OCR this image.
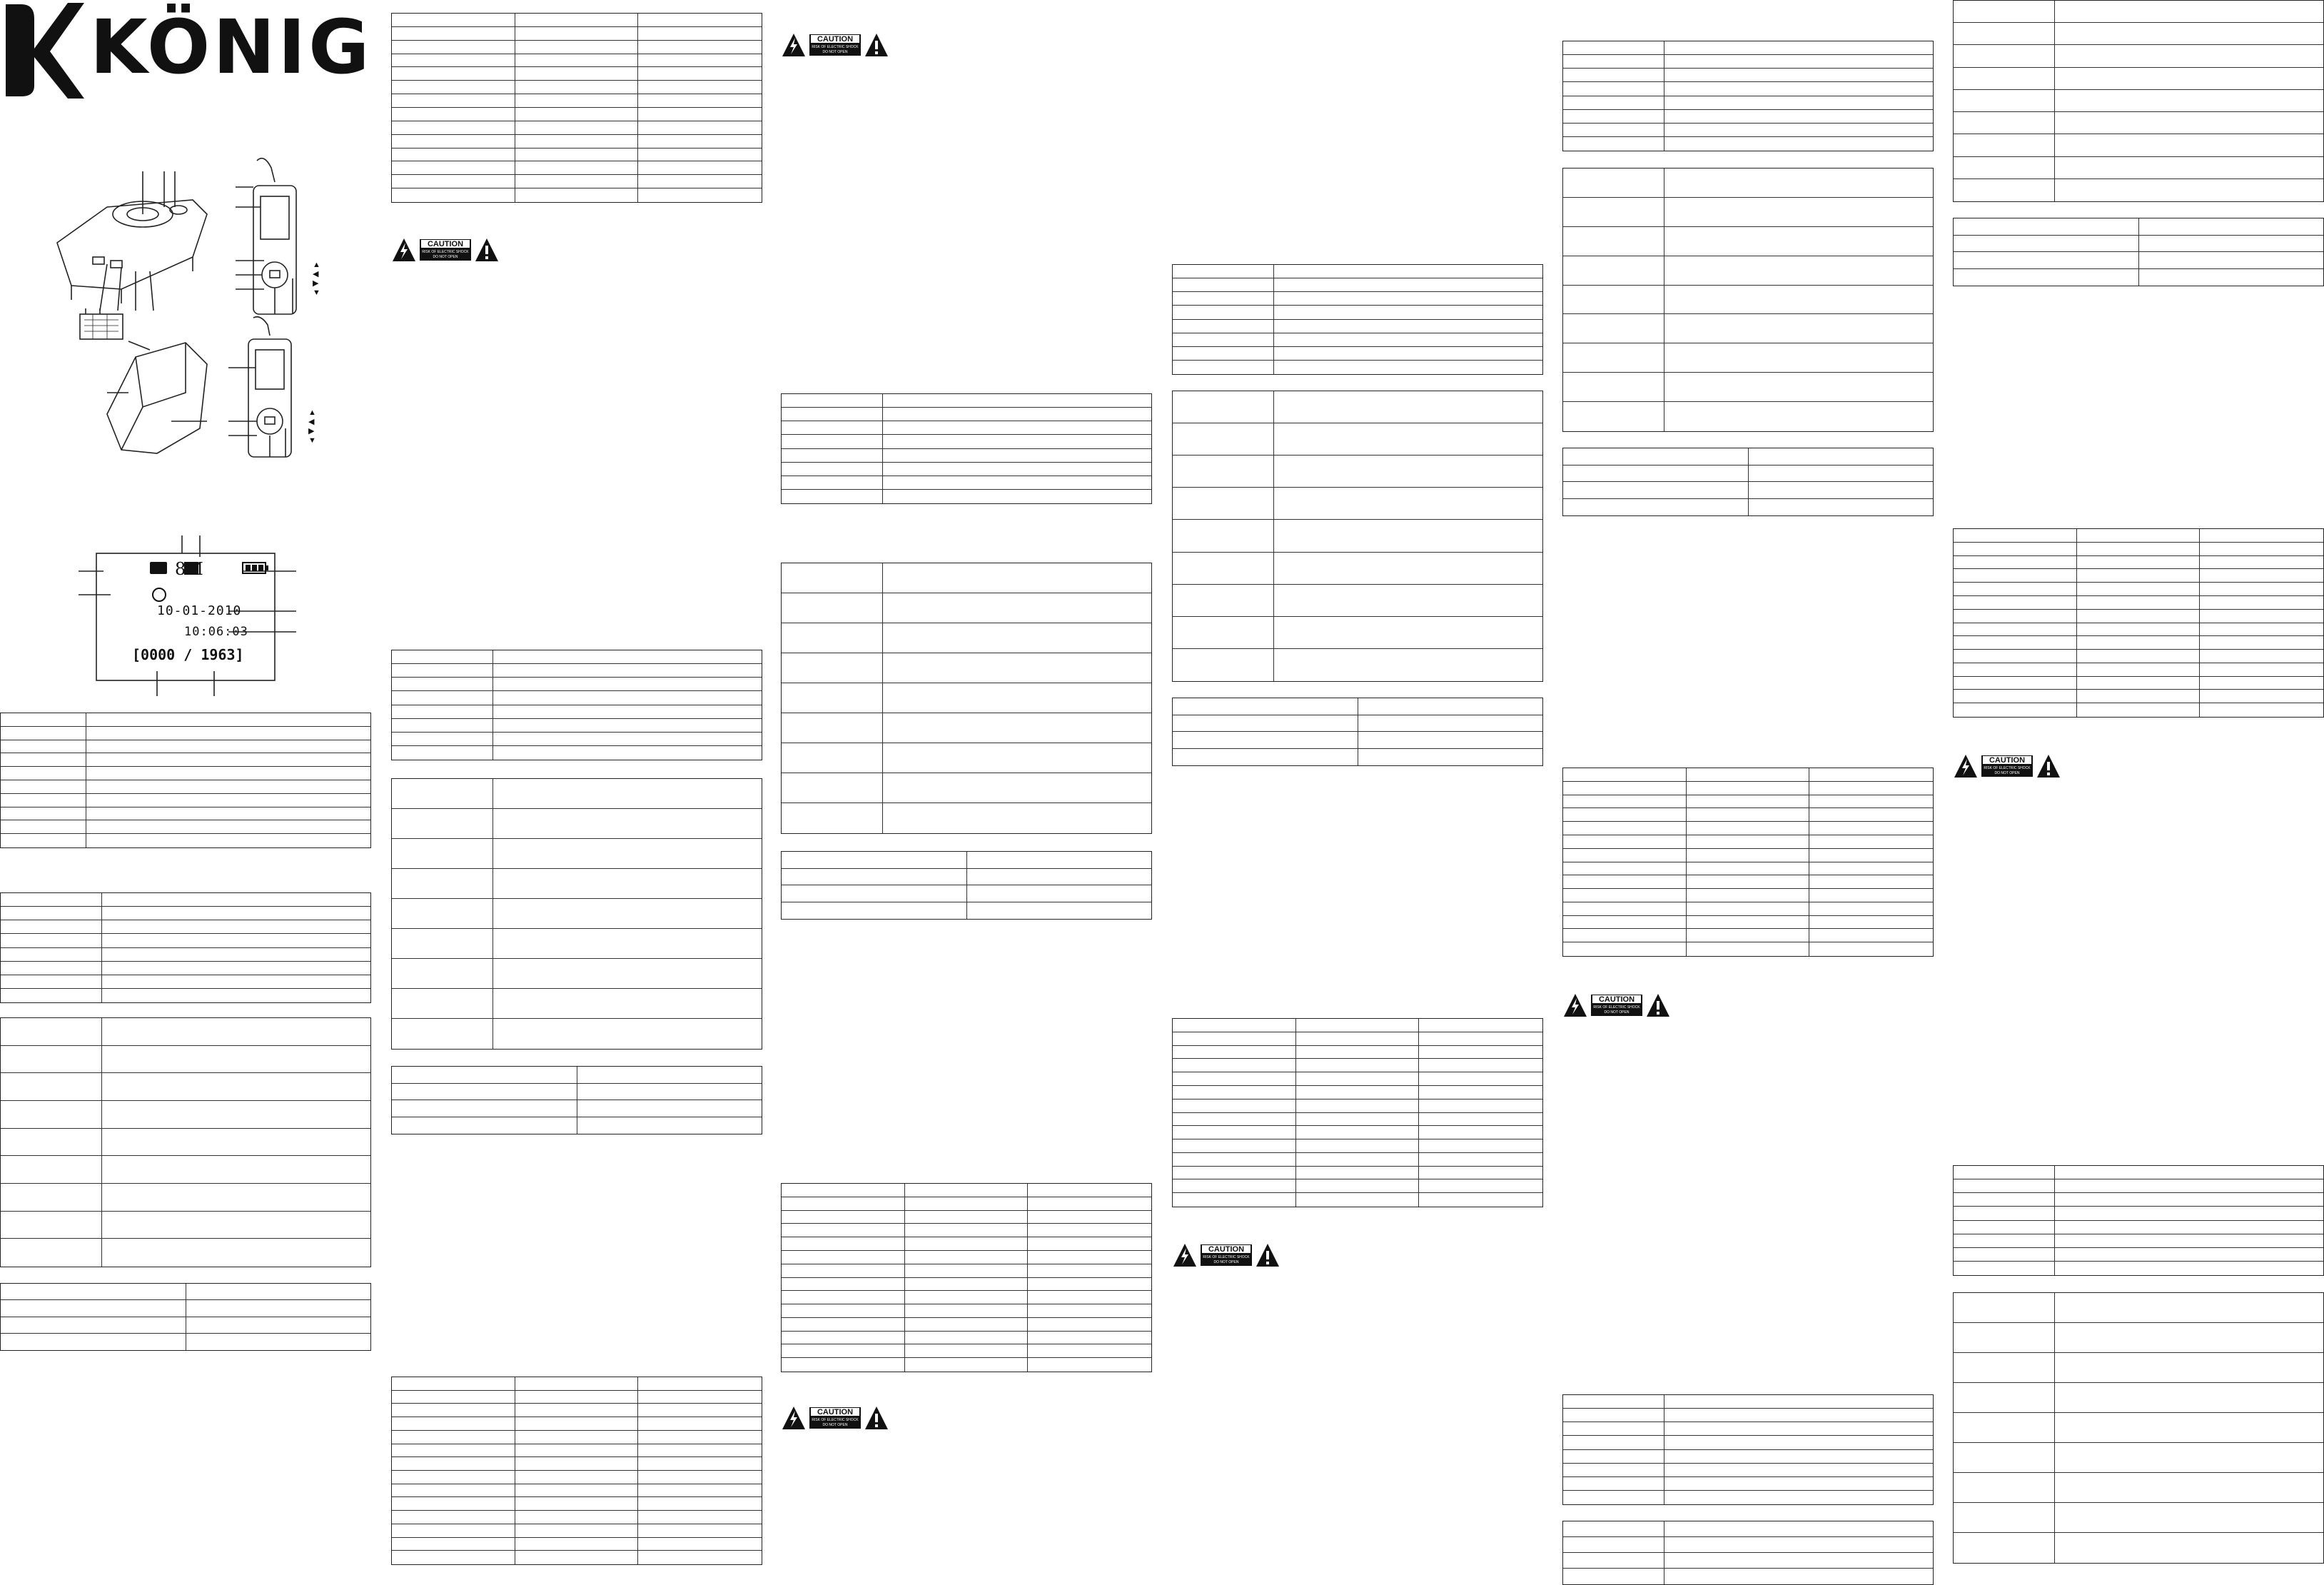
KÖNIG
▲
◀
▶
▼
▲
◀
▶
▼
8M
10-01-2010
10:06:03
[0000 / 1963]
CAUTION
RISK OF ELECTRIC SHOCK
DO NOT OPEN
CAUTION
RISK OF ELECTRIC SHOCK
DO NOT OPEN
CAUTION
RISK OF ELECTRIC SHOCK
DO NOT OPEN
CAUTION
RISK OF ELECTRIC SHOCK
DO NOT OPEN
CAUTION
RISK OF ELECTRIC SHOCK
DO NOT OPEN
CAUTION
RISK OF ELECTRIC SHOCK
DO NOT OPEN
